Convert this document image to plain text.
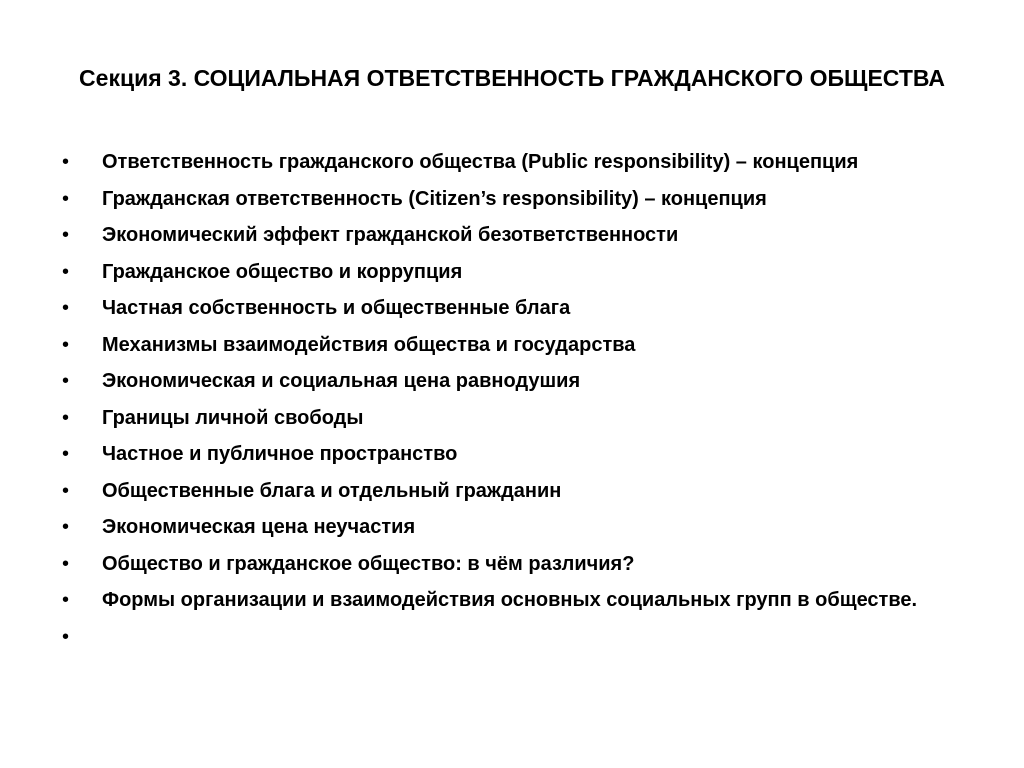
Секция 3. СОЦИАЛЬНАЯ ОТВЕТСТВЕННОСТЬ ГРАЖДАНСКОГО ОБЩЕСТВА
• Ответственность гражданского общества (Public responsibility) – концепция
• Гражданская ответственность (Citizen’s responsibility) – концепция
• Экономический эффект гражданской безответственности
• Гражданское общество и коррупция
• Частная собственность и общественные блага
• Механизмы взаимодействия общества и государства
• Экономическая и социальная цена равнодушия
• Границы личной свободы
• Частное и публичное пространство
• Общественные блага и отдельный гражданин
• Экономическая цена неучастия
• Общество и гражданское общество: в чём различия?
• Формы организации и взаимодействия основных социальных групп в обществе.
•
